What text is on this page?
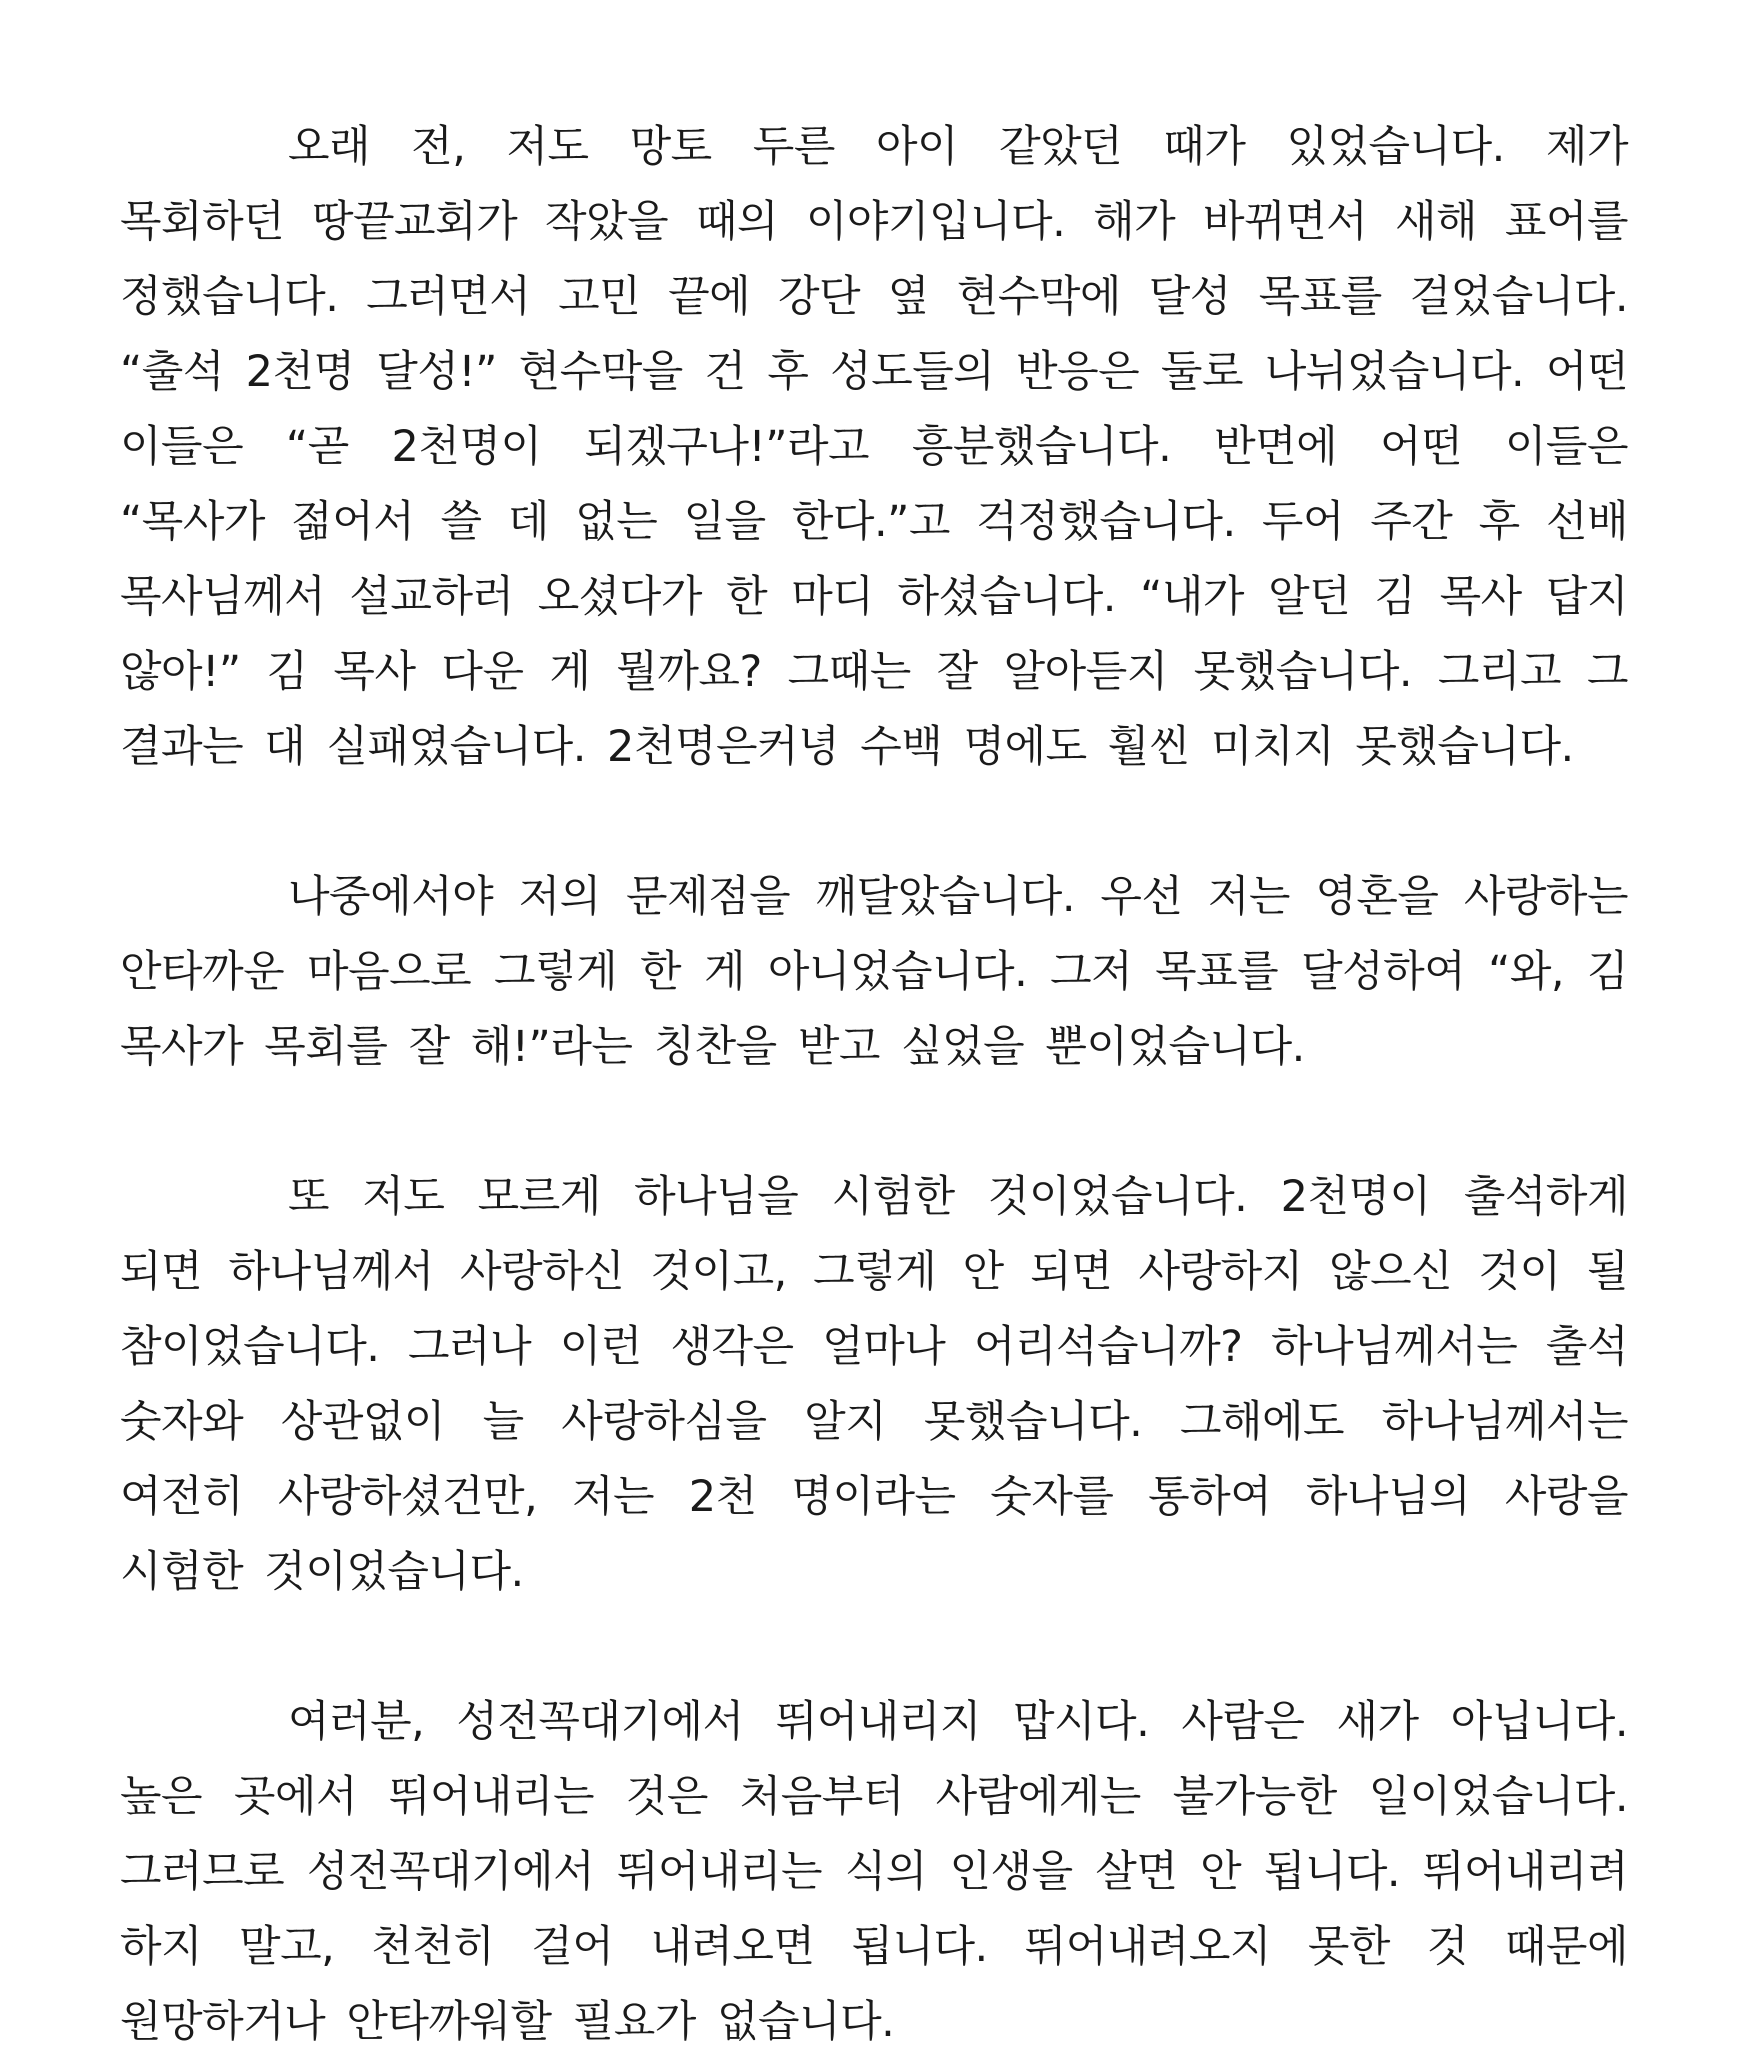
오래 전, 저도 망토 두른 아이 같았던 때가 있었습니다. 제가 목회하던 땅끝교회가 작았을 때의 이야기입니다. 해가 바뀌면서 새해 표어를 정했습니다. 그러면서 고민 끝에 강단 옆 현수막에 달성 목표를 걸었습니다. “출석 2천명 달성!” 현수막을 건 후 성도들의 반응은 둘로 나뉘었습니다. 어떤 이들은 “곧 2천명이 되겠구나!”라고 흥분했습니다. 반면에 어떤 이들은 “목사가 젊어서 쓸 데 없는 일을 한다.”고 걱정했습니다. 두어 주간 후 선배 목사님께서 설교하러 오셨다가 한 마디 하셨습니다. “내가 알던 김 목사 답지 않아!” 김 목사 다운 게 뭘까요? 그때는 잘 알아듣지 못했습니다. 그리고 그 결과는 대 실패였습니다. 2천명은커녕 수백 명에도 훨씬 미치지 못했습니다.

나중에서야 저의 문제점을 깨달았습니다. 우선 저는 영혼을 사랑하는 안타까운 마음으로 그렇게 한 게 아니었습니다. 그저 목표를 달성하여 “와, 김 목사가 목회를 잘 해!”라는 칭찬을 받고 싶었을 뿐이었습니다.

또 저도 모르게 하나님을 시험한 것이었습니다. 2천명이 출석하게 되면 하나님께서 사랑하신 것이고, 그렇게 안 되면 사랑하지 않으신 것이 될 참이었습니다. 그러나 이런 생각은 얼마나 어리석습니까? 하나님께서는 출석 숫자와 상관없이 늘 사랑하심을 알지 못했습니다. 그해에도 하나님께서는 여전히 사랑하셨건만, 저는 2천 명이라는 숫자를 통하여 하나님의 사랑을 시험한 것이었습니다.

여러분, 성전꼭대기에서 뛰어내리지 맙시다. 사람은 새가 아닙니다. 높은 곳에서 뛰어내리는 것은 처음부터 사람에게는 불가능한 일이었습니다. 그러므로 성전꼭대기에서 뛰어내리는 식의 인생을 살면 안 됩니다. 뛰어내리려 하지 말고, 천천히 걸어 내려오면 됩니다. 뛰어내려오지 못한 것 때문에 원망하거나 안타까워할 필요가 없습니다.
